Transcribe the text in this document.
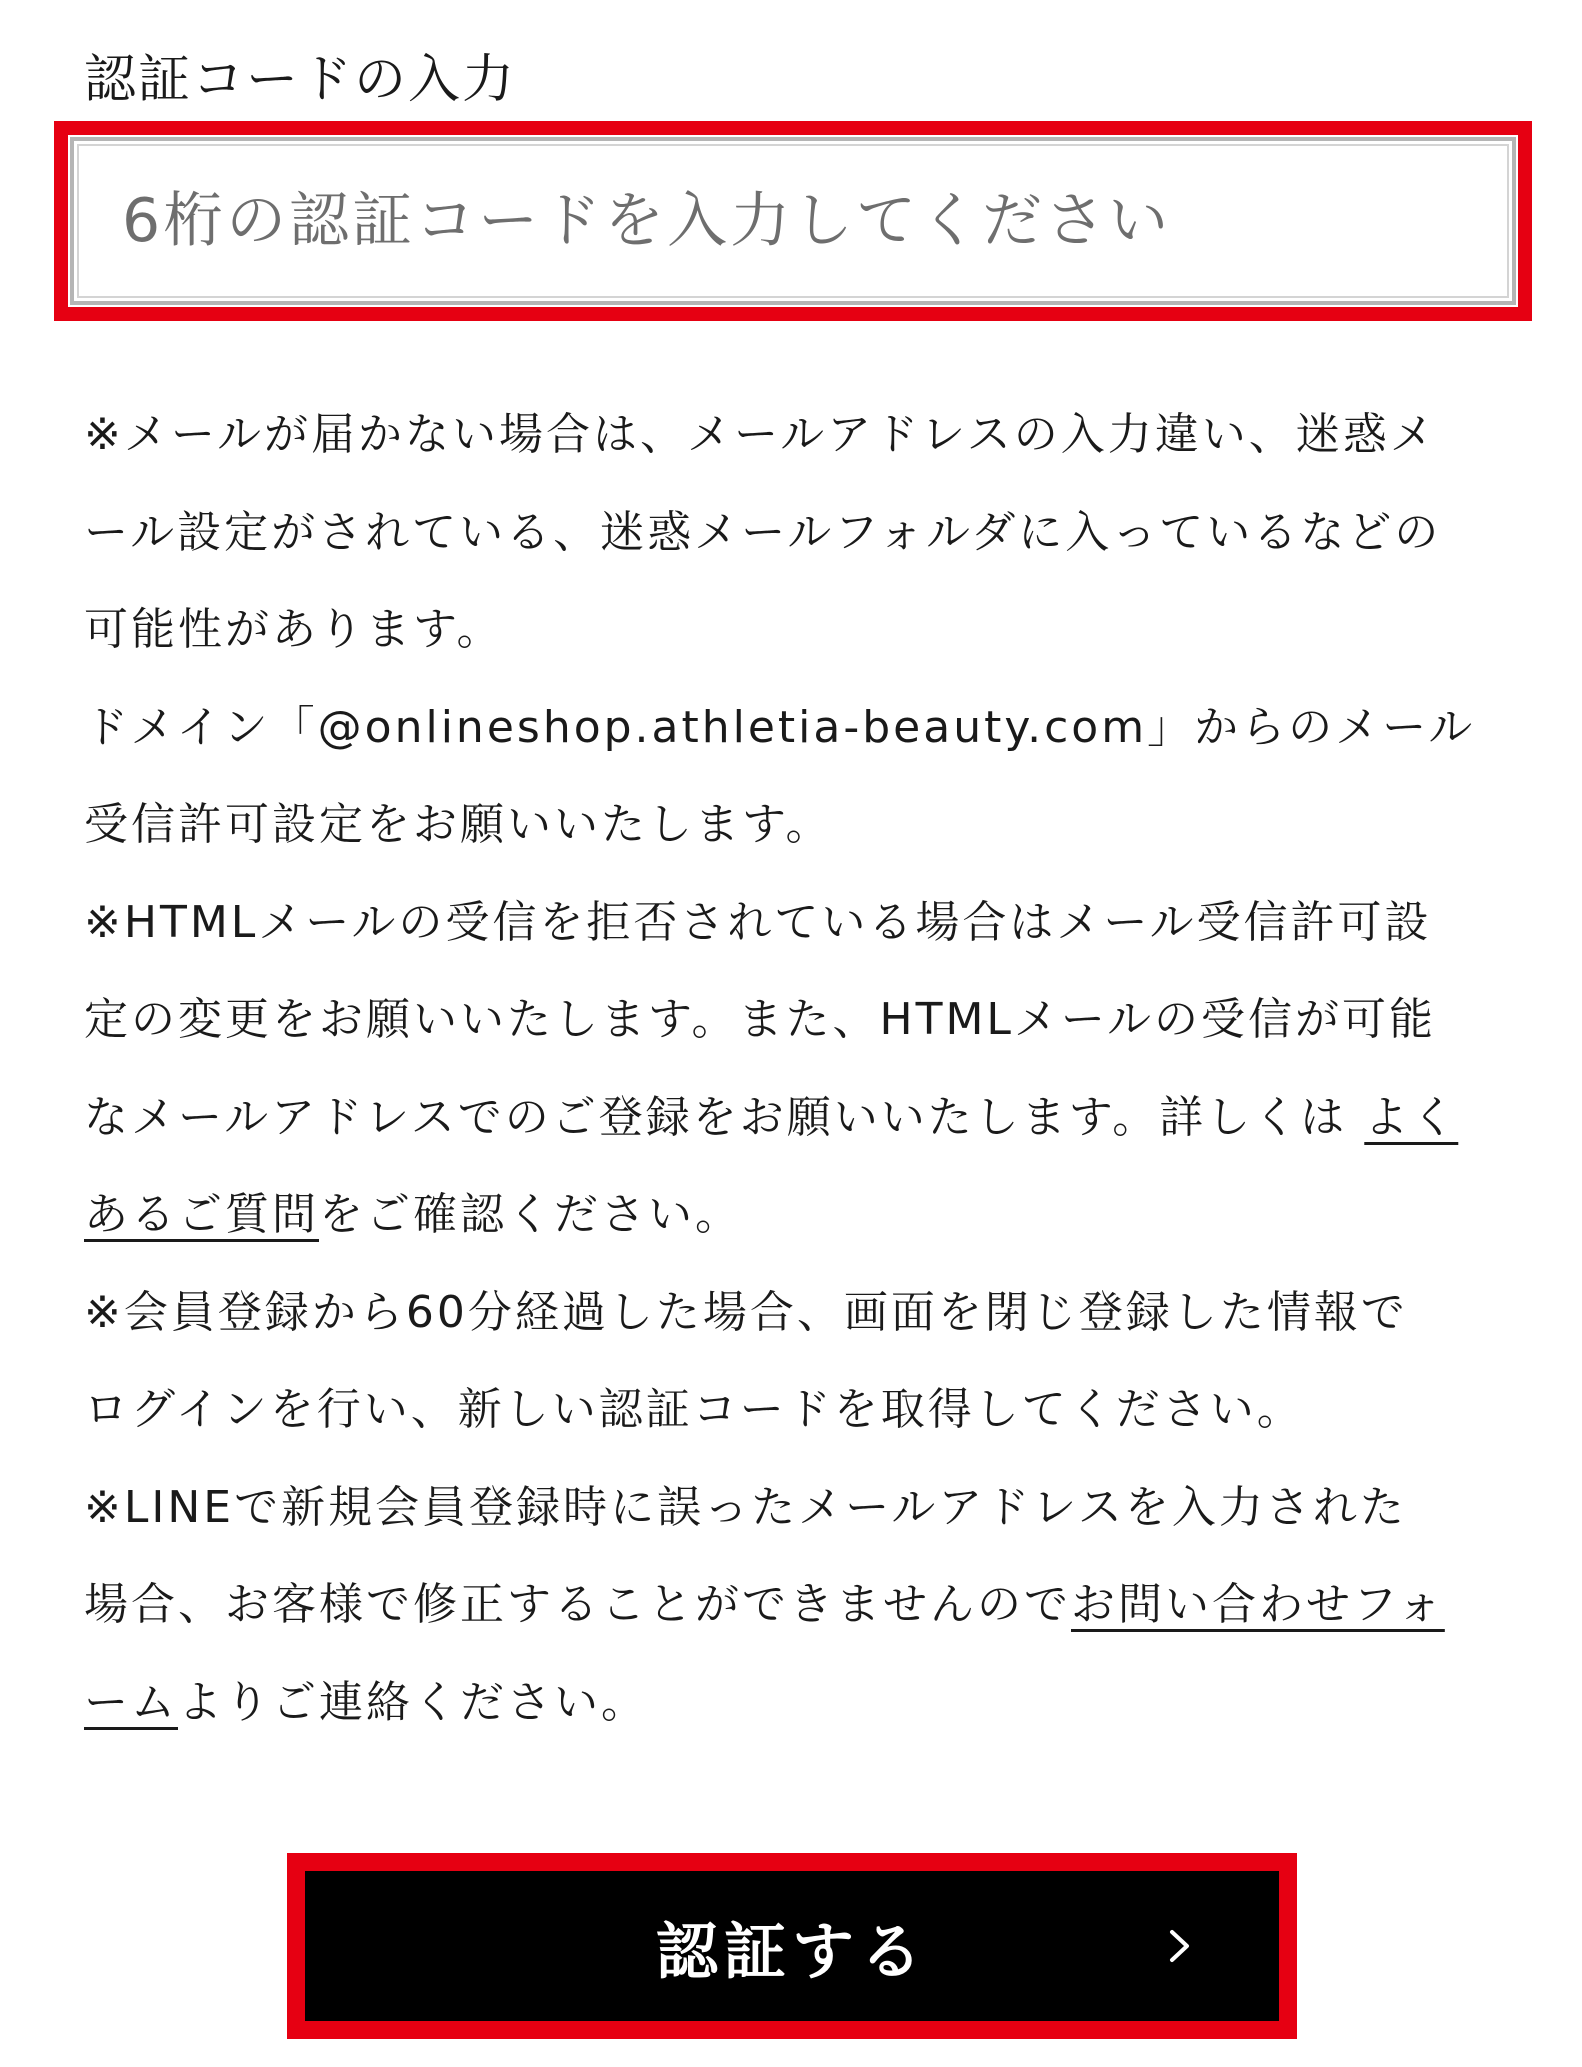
認証コードの入力
6桁の認証コードを入力してください
※メールが届かない場合は、メールアドレスの入力違い、迷惑メ
ール設定がされている、迷惑メールフォルダに入っているなどの
可能性があります。
ドメイン「@onlineshop.athletia-beauty.com」からのメール
受信許可設定をお願いいたします。
※HTMLメールの受信を拒否されている場合はメール受信許可設
定の変更をお願いいたします。また、HTMLメールの受信が可能
なメールアドレスでのご登録をお願いいたします。詳しくは よく
あるご質問をご確認ください。
※会員登録から60分経過した場合、画面を閉じ登録した情報で
ログインを行い、新しい認証コードを取得してください。
※LINEで新規会員登録時に誤ったメールアドレスを入力された
場合、お客様で修正することができませんのでお問い合わせフォ
ームよりご連絡ください。
認証する
